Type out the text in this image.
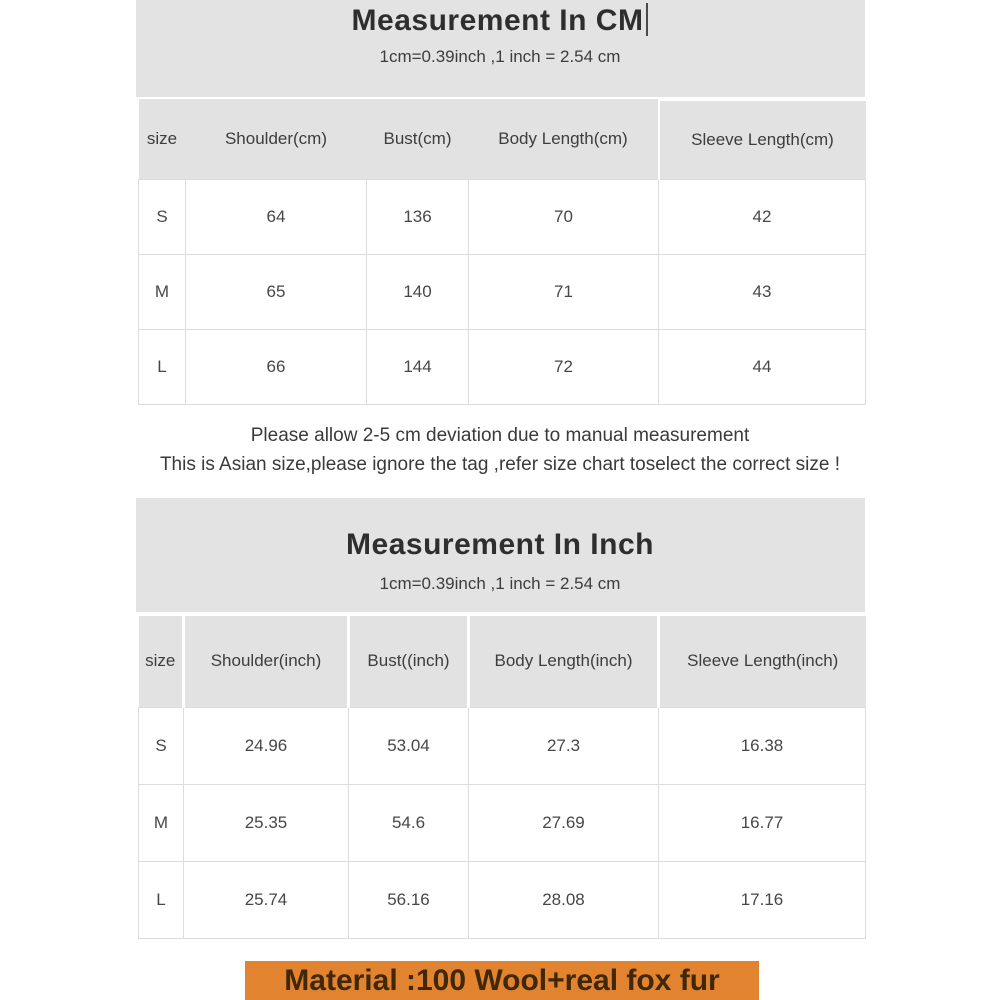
Measurement In CM
1cm=0.39inch ,1 inch = 2.54 cm
size	Shoulder(cm)	Bust(cm)	Body Length(cm)	Sleeve Length(cm)
S	64	136	70	42
M	65	140	71	43
L	66	144	72	44
Please allow 2-5 cm deviation due to manual measurement
This is Asian size,please ignore the tag ,refer size chart toselect the correct size !
Measurement In Inch
1cm=0.39inch ,1 inch = 2.54 cm
size	Shoulder(inch)	Bust((inch)	Body Length(inch)	Sleeve Length(inch)
S	24.96	53.04	27.3	16.38
M	25.35	54.6	27.69	16.77
L	25.74	56.16	28.08	17.16
Material :100 Wool+real fox fur
